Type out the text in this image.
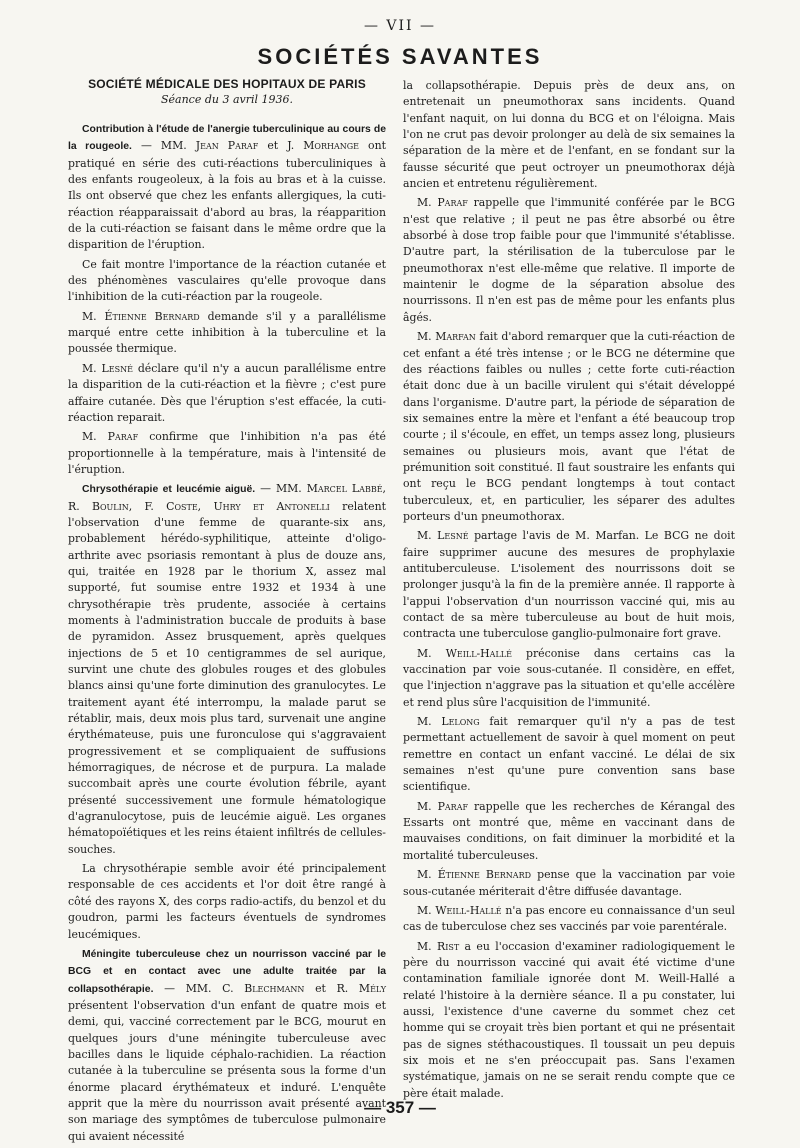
— VII —
SOCIÉTÉS SAVANTES
SOCIÉTÉ MÉDICALE DES HOPITAUX DE PARIS
Séance du 3 avril 1936.

Contribution à l'étude de l'anergie tuberculinique au cours de la rougeole. — MM. Jean Paraf et J. Morhange ont pratiqué en série des cuti-réactions tuberculiniques à des enfants rougeoleux, à la fois au bras et à la cuisse. Ils ont observé que chez les enfants allergiques, la cuti-réaction réapparaissait d'abord au bras, la réapparition de la cuti-réaction se faisant dans le même ordre que la disparition de l'éruption.

Ce fait montre l'importance de la réaction cutanée et des phénomènes vasculaires qu'elle provoque dans l'inhibition de la cuti-réaction par la rougeole.

M. Étienne Bernard demande s'il y a parallélisme marqué entre cette inhibition à la tuberculine et la poussée thermique.

M. Lesné déclare qu'il n'y a aucun parallélisme entre la disparition de la cuti-réaction et la fièvre ; c'est pure affaire cutanée. Dès que l'éruption s'est effacée, la cuti-réaction reparait.

M. Paraf confirme que l'inhibition n'a pas été proportionnelle à la température, mais à l'intensité de l'éruption.

Chrysothérapie et leucémie aiguë. — MM. Marcel Labbé, R. Boulin, F. Coste, Uhry et Antonelli relatent l'observation d'une femme de quarante-six ans, probablement hérédo-syphilitique, atteinte d'oligo-arthrite avec psoriasis remontant à plus de douze ans, qui, traitée en 1928 par le thorium X, assez mal supporté, fut soumise entre 1932 et 1934 à une chrysothérapie très prudente, associée à certains moments à l'administration buccale de produits à base de pyramidon. Assez brusquement, après quelques injections de 5 et 10 centigrammes de sel aurique, survint une chute des globules rouges et des globules blancs ainsi qu'une forte diminution des granulocytes. Le traitement ayant été interrompu, la malade parut se rétablir, mais, deux mois plus tard, survenait une angine érythémateuse, puis une furonculose qui s'aggravaient progressivement et se compliquaient de suffusions hémorragiques, de nécrose et de purpura. La malade succombait après une courte évolution fébrile, ayant présenté successivement une formule hématologique d'agranulocytose, puis de leucémie aiguë. Les organes hématopoïétiques et les reins étaient infiltrés de cellules-souches.

La chrysothérapie semble avoir été principalement responsable de ces accidents et l'or doit être rangé à côté des rayons X, des corps radio-actifs, du benzol et du goudron, parmi les facteurs éventuels de syndromes leucémiques.

Méningite tuberculeuse chez un nourrisson vacciné par le BCG et en contact avec une adulte traitée par la collapsothérapie. — MM. C. Blechmann et R. Mély présentent l'observation d'un enfant de quatre mois et demi, qui, vacciné correctement par le BCG, mourut en quelques jours d'une méningite tuberculeuse avec bacilles dans le liquide céphalo-rachidien. La réaction cutanée à la tuberculine se présenta sous la forme d'un énorme placard érythémateux et induré. L'enquête apprit que la mère du nourrisson avait présenté avant son mariage des symptômes de tuberculose pulmonaire qui avaient nécessité

la collapsothérapie. Depuis près de deux ans, on entretenait un pneumothorax sans incidents. Quand l'enfant naquit, on lui donna du BCG et on l'éloigna. Mais l'on ne crut pas devoir prolonger au delà de six semaines la séparation de la mère et de l'enfant, en se fondant sur la fausse sécurité que peut octroyer un pneumothorax déjà ancien et entretenu régulièrement.

M. Paraf rappelle que l'immunité conférée par le BCG n'est que relative ; il peut ne pas être absorbé ou être absorbé à dose trop faible pour que l'immunité s'établisse. D'autre part, la stérilisation de la tuberculose par le pneumothorax n'est elle-même que relative. Il importe de maintenir le dogme de la séparation absolue des nourrissons. Il n'en est pas de même pour les enfants plus âgés.

M. Marfan fait d'abord remarquer que la cuti-réaction de cet enfant a été très intense ; or le BCG ne détermine que des réactions faibles ou nulles ; cette forte cuti-réaction était donc due à un bacille virulent qui s'était développé dans l'organisme. D'autre part, la période de séparation de six semaines entre la mère et l'enfant a été beaucoup trop courte ; il s'écoule, en effet, un temps assez long, plusieurs semaines ou plusieurs mois, avant que l'état de prémunition soit constitué. Il faut soustraire les enfants qui ont reçu le BCG pendant longtemps à tout contact tuberculeux, et, en particulier, les séparer des adultes porteurs d'un pneumothorax.

M. Lesné partage l'avis de M. Marfan. Le BCG ne doit faire supprimer aucune des mesures de prophylaxie antituberculeuse. L'isolement des nourrissons doit se prolonger jusqu'à la fin de la première année. Il rapporte à l'appui l'observation d'un nourrisson vacciné qui, mis au contact de sa mère tuberculeuse au bout de huit mois, contracta une tuberculose ganglio-pulmonaire fort grave.

M. Weill-Hallé préconise dans certains cas la vaccination par voie sous-cutanée. Il considère, en effet, que l'injection n'aggrave pas la situation et qu'elle accélère et rend plus sûre l'acquisition de l'immunité.

M. Lelong fait remarquer qu'il n'y a pas de test permettant actuellement de savoir à quel moment on peut remettre en contact un enfant vacciné. Le délai de six semaines n'est qu'une pure convention sans base scientifique.

M. Paraf rappelle que les recherches de Kérangal des Essarts ont montré que, même en vaccinant dans de mauvaises conditions, on fait diminuer la morbidité et la mortalité tuberculeuses.

M. Étienne Bernard pense que la vaccination par voie sous-cutanée mériterait d'être diffusée davantage.

M. Weill-Hallé n'a pas encore eu connaissance d'un seul cas de tuberculose chez ses vaccinés par voie parentérale.

M. Rist a eu l'occasion d'examiner radiologiquement le père du nourrisson vacciné qui avait été victime d'une contamination familiale ignorée dont M. Weill-Hallé a relaté l'histoire à la dernière séance. Il a pu constater, lui aussi, l'existence d'une caverne du sommet chez cet homme qui se croyait très bien portant et qui ne présentait pas de signes stéthacoustiques. Il toussait un peu depuis six mois et ne s'en préoccupait pas. Sans l'examen systématique, jamais on ne se serait rendu compte que ce père était malade.

— 357 —
